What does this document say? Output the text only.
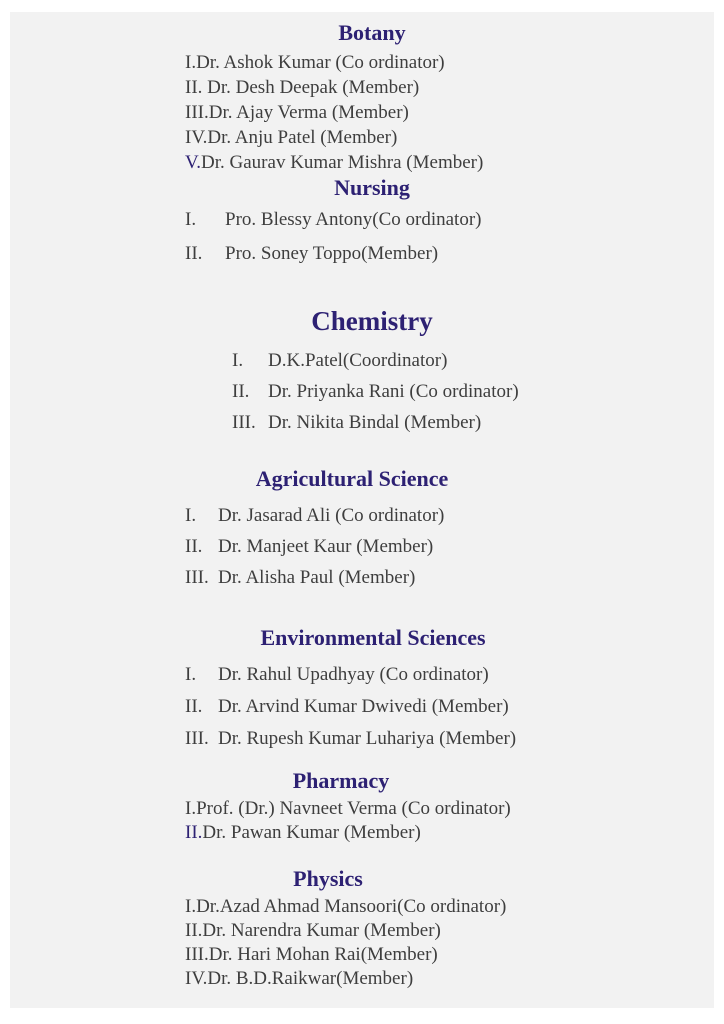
Botany
I.Dr. Ashok Kumar (Co ordinator)
II. Dr. Desh Deepak (Member)
III.Dr. Ajay Verma (Member)
IV.Dr. Anju Patel (Member)
V.Dr. Gaurav Kumar Mishra (Member)
Nursing
I.	Pro. Blessy Antony(Co ordinator)
II.	Pro. Soney Toppo(Member)
Chemistry
I.	D.K.Patel(Coordinator)
II. Dr. Priyanka Rani (Co ordinator)
III. Dr. Nikita Bindal (Member)
Agricultural Science
I.	Dr. Jasarad Ali (Co ordinator)
II. Dr. Manjeet Kaur (Member)
III. Dr. Alisha Paul (Member)
Environmental Sciences
I.	Dr. Rahul Upadhyay (Co ordinator)
II. Dr. Arvind Kumar Dwivedi (Member)
III. Dr. Rupesh Kumar Luhariya (Member)
Pharmacy
I.Prof. (Dr.) Navneet Verma (Co ordinator)
II.Dr. Pawan Kumar (Member)
Physics
I.Dr.Azad Ahmad Mansoori(Co ordinator)
II.Dr. Narendra Kumar (Member)
III.Dr. Hari Mohan Rai(Member)
IV.Dr. B.D.Raikwar(Member)
